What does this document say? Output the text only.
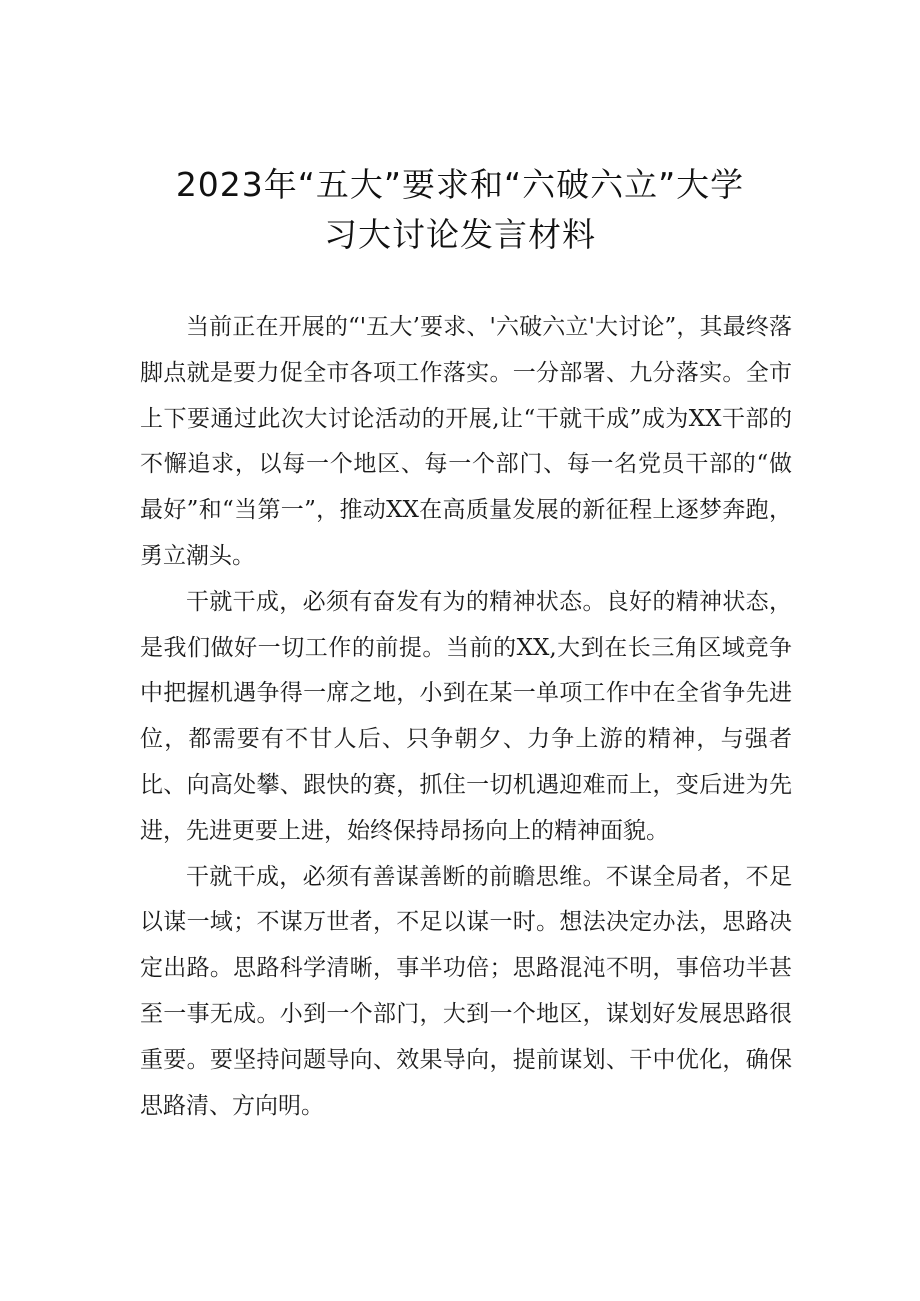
2023年“五大”要求和“六破六立”大学
习大讨论发言材料

当前正在开展的“'五大’要求、'六破六立'大讨论”，其最终落脚点就是要力促全市各项工作落实。一分部署、九分落实。全市上下要通过此次大讨论活动的开展,让“干就干成”成为XX干部的不懈追求，以每一个地区、每一个部门、每一名党员干部的“做最好”和“当第一”，推动XX在高质量发展的新征程上逐梦奔跑，勇立潮头。

干就干成，必须有奋发有为的精神状态。良好的精神状态，是我们做好一切工作的前提。当前的XX,大到在长三角区域竞争中把握机遇争得一席之地，小到在某一单项工作中在全省争先进位，都需要有不甘人后、只争朝夕、力争上游的精神，与强者比、向高处攀、跟快的赛，抓住一切机遇迎难而上，变后进为先进，先进更要上进，始终保持昂扬向上的精神面貌。

干就干成，必须有善谋善断的前瞻思维。不谋全局者，不足以谋一域；不谋万世者，不足以谋一时。想法决定办法，思路决定出路。思路科学清晰，事半功倍；思路混沌不明，事倍功半甚至一事无成。小到一个部门，大到一个地区，谋划好发展思路很重要。要坚持问题导向、效果导向，提前谋划、干中优化，确保思路清、方向明。
